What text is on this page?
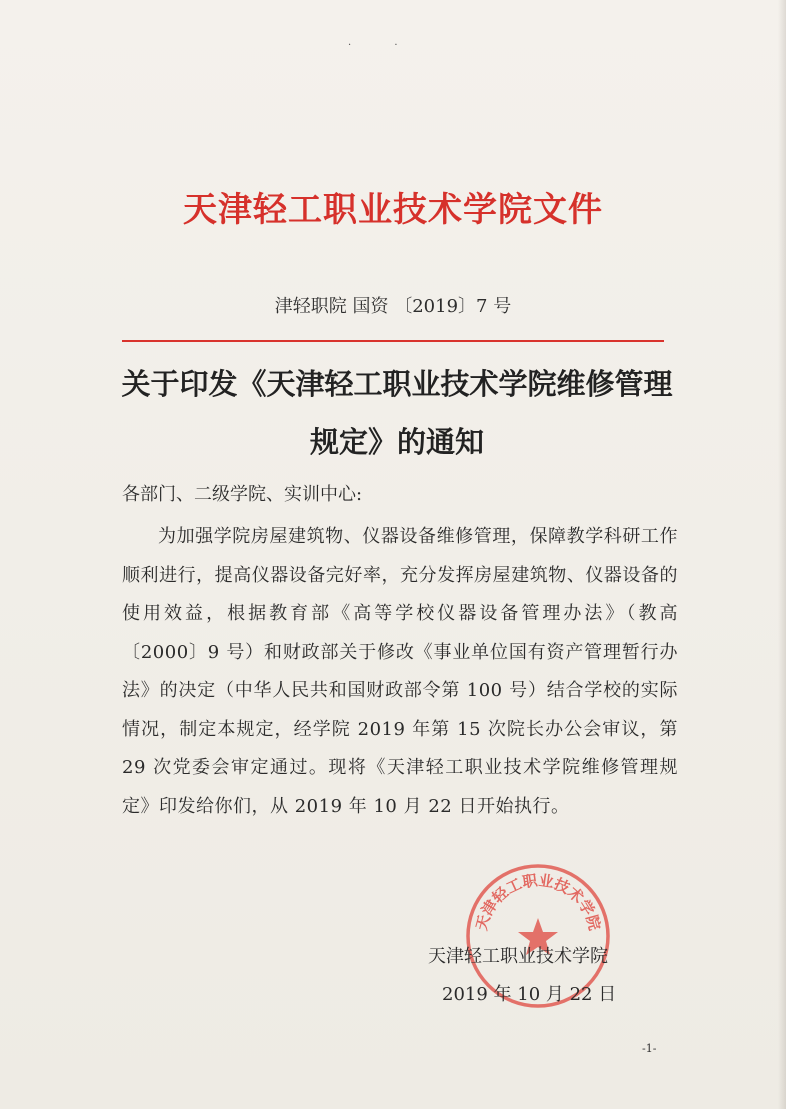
· ·
天津轻工职业技术学院文件
津轻职院 国资 〔2019〕7 号
关于印发《天津轻工职业技术学院维修管理
规定》的通知
各部门、二级学院、实训中心:
为加强学院房屋建筑物、仪器设备维修管理，保障教学科研工作顺利进行，提高仪器设备完好率，充分发挥房屋建筑物、仪器设备的使用效益，根据教育部《高等学校仪器设备管理办法》（教高〔2000〕9 号）和财政部关于修改《事业单位国有资产管理暂行办法》的决定（中华人民共和国财政部令第 100 号）结合学校的实际情况，制定本规定，经学院 2019 年第 15 次院长办公会审议，第 29 次党委会审定通过。现将《天津轻工职业技术学院维修管理规定》印发给你们，从 2019 年 10 月 22 日开始执行。
天津轻工职业技术学院
天津轻工职业技术学院
2019 年 10 月 22 日
-1-
